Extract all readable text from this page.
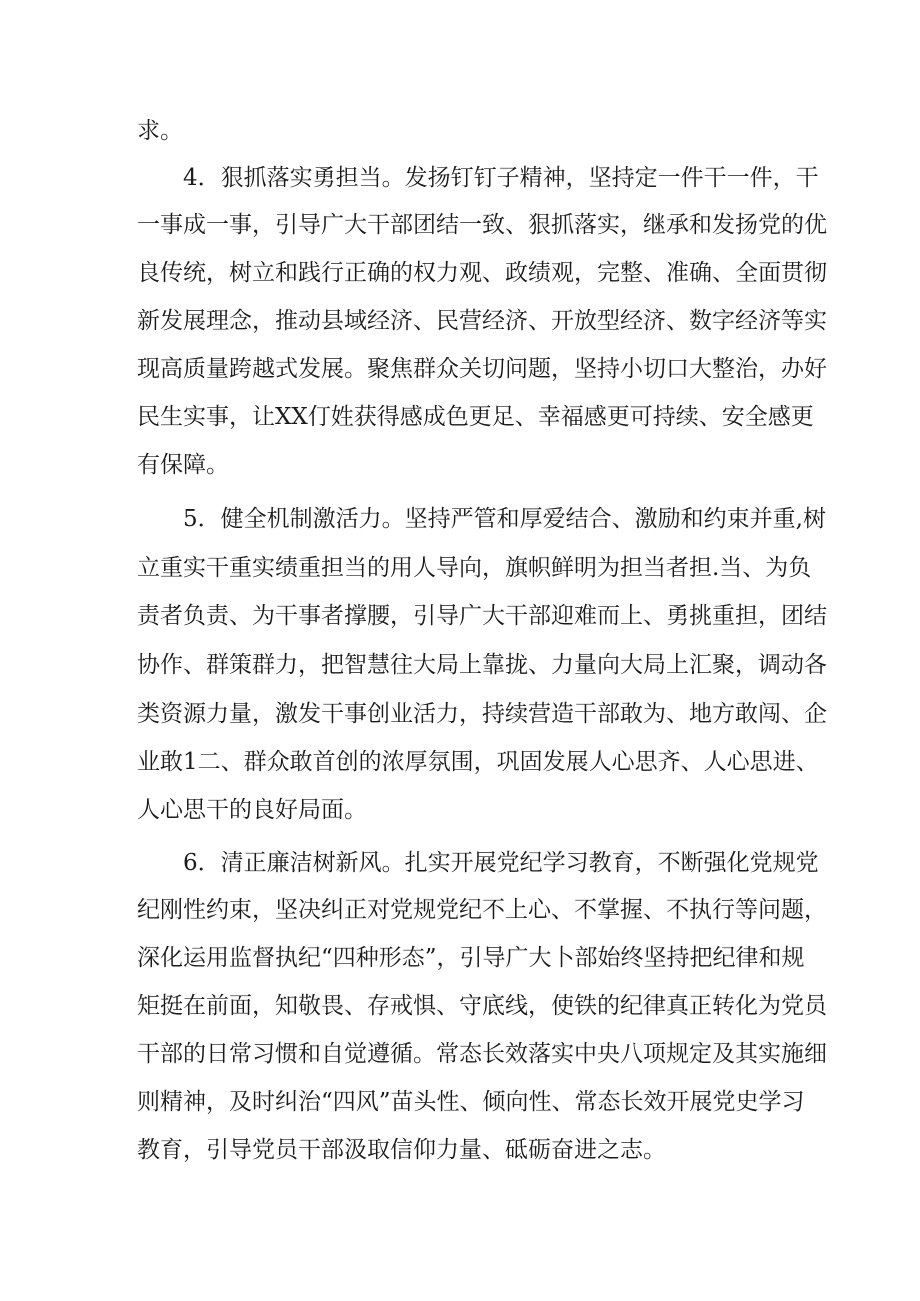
求。
4．狠抓落实勇担当。发扬钉钉子精神，坚持定一件干一件，干
一事成一事，引导广大干部团结一致、狠抓落实，继承和发扬党的优
良传统，树立和践行正确的权力观、政绩观，完整、准确、全面贯彻
新发展理念，推动县域经济、民营经济、开放型经济、数字经济等实
现高质量跨越式发展。聚焦群众关切问题，坚持小切口大整治，办好
民生实事，让XX仃姓获得感成色更足、幸福感更可持续、安全感更
有保障。
5．健全机制激活力。坚持严管和厚爱结合、激励和约束并重,树
立重实干重实绩重担当的用人导向，旗帜鲜明为担当者担.当、为负
责者负责、为干事者撑腰，引导广大干部迎难而上、勇挑重担，团结
协作、群策群力，把智慧往大局上靠拢、力量向大局上汇聚，调动各
类资源力量，激发干事创业活力，持续营造干部敢为、地方敢闯、企
业敢1二、群众敢首创的浓厚氛围，巩固发展人心思齐、人心思进、
人心思干的良好局面。
6．清正廉洁树新风。扎实开展党纪学习教育，不断强化党规党
纪刚性约束，坚决纠正对党规党纪不上心、不掌握、不执行等问题，
深化运用监督执纪“四种形态”，引导广大卜部始终坚持把纪律和规
矩挺在前面，知敬畏、存戒惧、守底线，使铁的纪律真正转化为党员
干部的日常习惯和自觉遵循。常态长效落实中央八项规定及其实施细
则精神，及时纠治“四风”苗头性、倾向性、常态长效开展党史学习
教育，引导党员干部汲取信仰力量、砥砺奋进之志。
